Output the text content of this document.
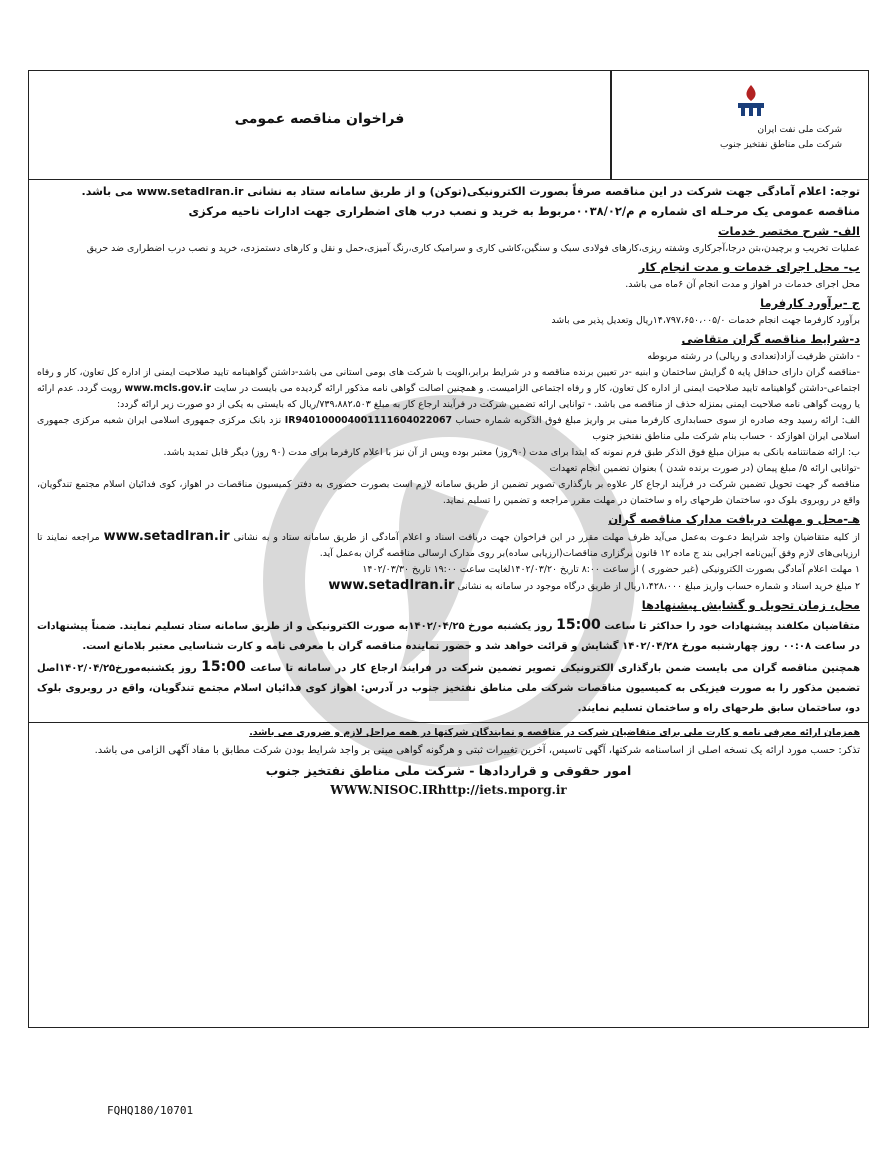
فراخوان مناقصه عمومی
شرکت ملی نفت ایران
شرکت ملی مناطق نفتخیز جنوب

توجه: اعلام آمادگی جهت شرکت در این مناقصه صرفاً بصورت الکترونیکی(توکن) و از طریق سامانه ستاد به نشانی www.setadIran.ir می باشد.

مناقصه عمومی یک مرحـله ای شماره م م/۰۰۳۸/۰۲مربوط به خرید و نصب درب های اضطراری جهت ادارات ناحیه مرکزی

الف- شرح مختصر خدمات

عملیات تخریب و برچیدن،بتن درجا،آجرکاری وشفته ریزی،کارهای فولادی سبک و سنگین،کاشی کاری و سرامیک کاری،رنگ آمیزی،حمل و نقل و کارهای دستمزدی، خرید و نصب درب اضطراری ضد حریق

ب- محل اجرای خدمات و مدت انجام کار

محل اجرای خدمات در اهواز و مدت انجام آن ۶ماه می باشد.

ج -برآورد کارفرما

برآورد کارفرما جهت انجام خدمات ۱۴،۷۹۷،۶۵۰،۰۰۵/۰ریال وتعدیل پذیر می باشد

د-شرایط مناقصه گران متقاضی

- داشتن ظرفیت آزاد(تعدادی و ریالی) در رشته مربوطه

-مناقصه گران دارای حداقل پایه ۵ گرایش ساختمان و ابنیه -در تعیین برنده مناقصه و در شرایط برابر،الویت با شرکت های بومی استانی می باشد-داشتن گواهینامه تایید صلاحیت ایمنی از اداره کل تعاون، کار و رفاه اجتماعی-داشتن گواهینامه تایید صلاحیت ایمنی از اداره کل تعاون، کار و رفاه اجتماعی الزامیست. و همچنین اصالت گواهی نامه مذکور ارائه گردیده می بایست در سایت www.mcls.gov.ir رویت گردد. عدم ارائه یا رویت گواهی نامه صلاحیت ایمنی بمنزله حذف از مناقصه می باشد. - توانایی ارائه تضمین شرکت در فرآیند ارجاع کار به مبلغ ۷۳۹،۸۸۲،۵۰۳/ریال که بایستی به یکی از دو صورت زیر ارائه گردد:

الف: ارائه رسید وجه صادره از سوی حسابداری کارفرما مبنی بر واریز مبلغ فوق الذکربه شماره حساب IR940100004001111604022067 نزد بانک مرکزی جمهوری اسلامی ایران شعبه مرکزی جمهوری اسلامی ایران اهوازکد ۰ حساب بنام شرکت ملی مناطق نفتخیز جنوب

ب: ارائه ضمانتنامه بانکی به میزان مبلغ فوق الذکر طبق فرم نمونه که ابتدا برای مدت (۹۰روز) معتبر بوده وپس از آن نیز با اعلام کارفرما برای مدت (۹۰ روز) دیگر قابل تمدید باشد.

-توانایی ارائه ۵/ مبلغ پیمان (در صورت برنده شدن ) بعنوان تضمین انجام تعهدات

مناقصه گر جهت تحویل تضمین شرکت در فرآیند ارجاع کار علاوه بر بارگذاری تصویر تضمین از طریق سامانه لازم است بصورت حضوری به دفتر کمیسیون مناقصات در اهواز، کوی فدائیان اسلام مجتمع تندگویان، واقع در روبروی بلوک دو، ساختمان طرحهای راه و ساختمان در مهلت مقرر مراجعه و تضمین را تسلیم نماید.

هـ-محل و مهلت دریافت مدارک مناقصه گران

از کلیه متقاضیان واجد شرایط دعـوت به‌عمل می‌آید ظرف مهلت مقرر در این فراخوان جهت دریافت اسناد و اعلام آمادگی از طریق سامانه ستاد و به نشانی www.setadIran.ir مراجعه نمایند تا ارزیابی‌های لازم وفق آیین‌نامه اجرایی بند ج ماده ۱۲ قانون برگزاری مناقصات(ارزیابی ساده)بر روی مدارک ارسالی مناقصه گران به‌عمل آید.

۱ مهلت اعلام آمادگی بصورت الکترونیکی (غیر حضوری ) از ساعت ۸:۰۰ تاریخ ۱۴۰۲/۰۳/۲۰لغایت ساعت ۱۹:۰۰ تاریخ ۱۴۰۲/۰۳/۳۰

۲ مبلغ خرید اسناد و شماره حساب واریز مبلغ ۱،۴۲۸،۰۰۰ریال از طریق درگاه موجود در سامانه به نشانی www.setadIran.ir

محل، زمان تحویل و گشایش پیشنهادها

متقاضیان مکلفند پیشنهادات خود را حداکثر تا ساعت 15:00 روز یکشنبه مورخ ۱۴۰۲/۰۴/۲۵به صورت الکترونیکی و از طریق سامانه ستاد تسلیم نمایند. ضمناً پیشنهادات در ساعت ۰۰:۰۸ روز چهارشنبه مورخ ۱۴۰۲/۰۴/۲۸ گشایش و قرائت خواهد شد و حضور نماینده مناقصه گران با معرفی نامه و کارت شناسایی معتبر بلامانع است.

همچنین مناقصه گران می بایست ضمن بارگذاری الکترونیکی تصویر تضمین شرکت در فرایند ارجاع کار در سامانه تا ساعت 15:00 روز یکشنبه‌مورخ۱۴۰۲/۰۴/۲۵اصل تضمین مذکور را به صورت فیزیکی به کمیسیون مناقصات شرکت ملی مناطق نفتخیز جنوب در آدرس: اهواز کوی فدائیان اسلام مجتمع تندگویان، واقع در روبروی بلوک دو، ساختمان سابق طرحهای راه و ساختمان تسلیم نمایند.

همزمان ارائه معرفی نامه و کارت ملی برای متقاضیان شرکت در مناقصه و نمایندگان شرکتها در همه مراحل لازم و ضروری می باشد.

تذکر: حسب مورد ارائه یک نسخه اصلی از اساسنامه شرکتها، آگهی تاسیس، آخرین تغییرات ثبتی و هرگونه گواهی مبنی بر واجد شرایط بودن شرکت مطابق با مفاد آگهی الزامی می باشد.

امور حقوقی و قراردادها - شرکت ملی مناطق نفتخیز جنوب

WWW.NISOC.IRhttp://iets.mporg.ir

FQHQ180/10701
